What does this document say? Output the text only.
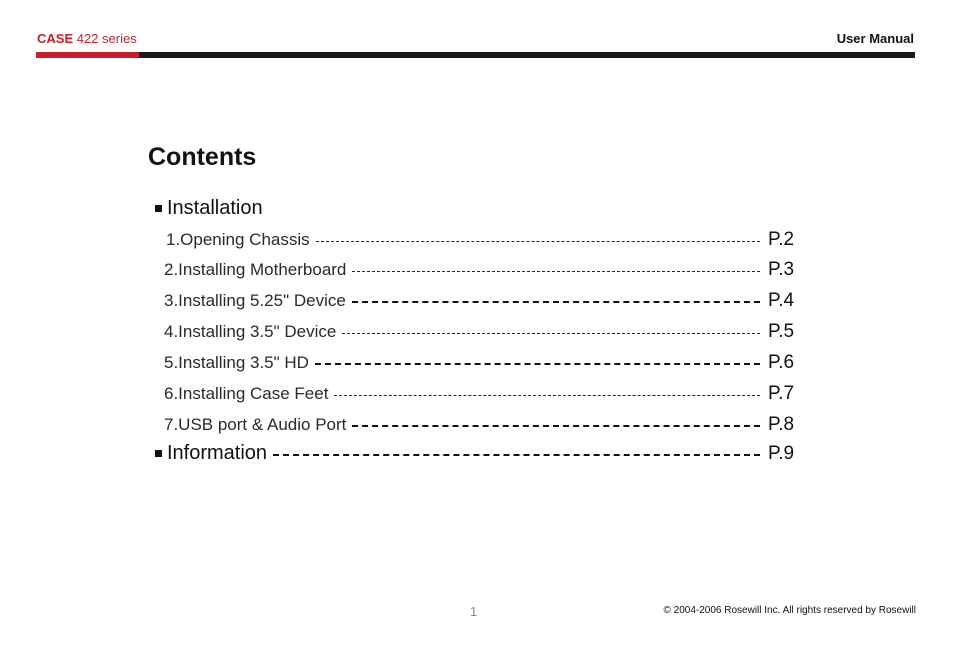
CASE 422 series	User Manual
Contents
Installation
1.Opening Chassis	P.2
2.Installing Motherboard	P.3
3.Installing 5.25" Device	P.4
4.Installing 3.5" Device	P.5
5.Installing 3.5" HD	P.6
6.Installing Case Feet	P.7
7.USB port & Audio Port	P.8
Information	P.9
1	© 2004-2006 Rosewill Inc. All rights reserved by Rosewill
